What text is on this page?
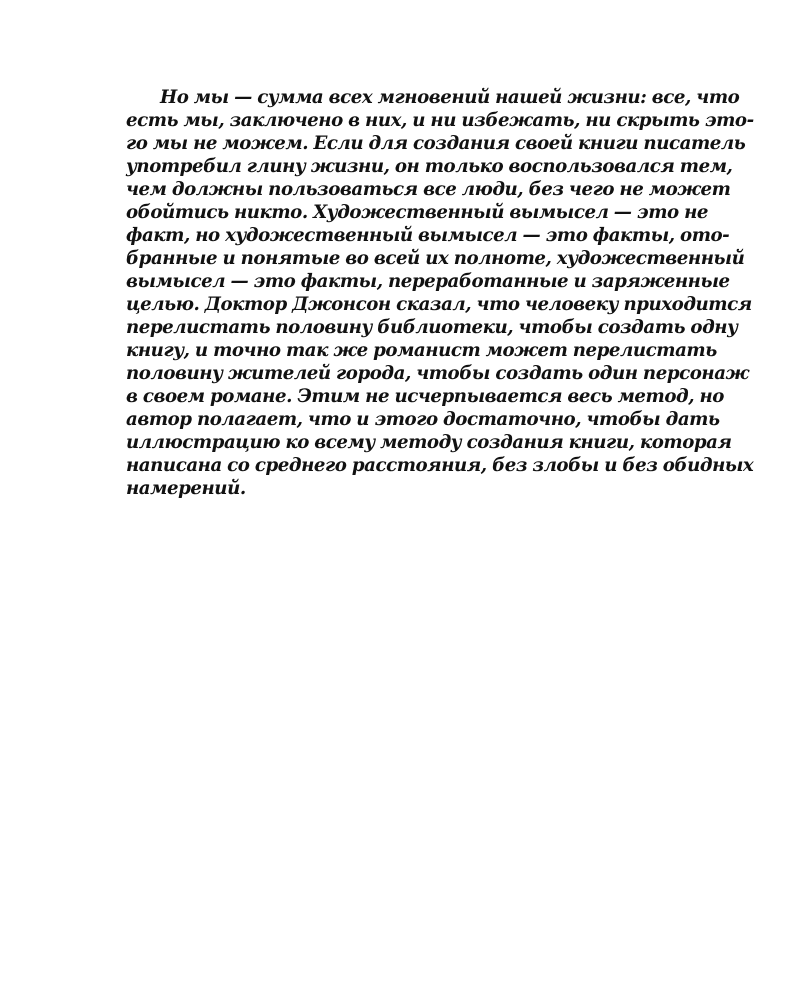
Но мы — сумма всех мгновений нашей жизни: все, что
есть мы, заключено в них, и ни избежать, ни скрыть это-
го мы не можем. Если для создания своей книги писатель
употребил глину жизни, он только воспользовался тем,
чем должны пользоваться все люди, без чего не может
обойтись никто. Художественный вымысел — это не
факт, но художественный вымысел — это факты, ото-
бранные и понятые во всей их полноте, художественный
вымысел — это факты, переработанные и заряженные
целью. Доктор Джонсон сказал, что человеку приходится
перелистать половину библиотеки, чтобы создать одну
книгу, и точно так же романист может перелистать
половину жителей города, чтобы создать один персонаж
в своем романе. Этим не исчерпывается весь метод, но
автор полагает, что и этого достаточно, чтобы дать
иллюстрацию ко всему методу создания книги, которая
написана со среднего расстояния, без злобы и без обидных
намерений.
